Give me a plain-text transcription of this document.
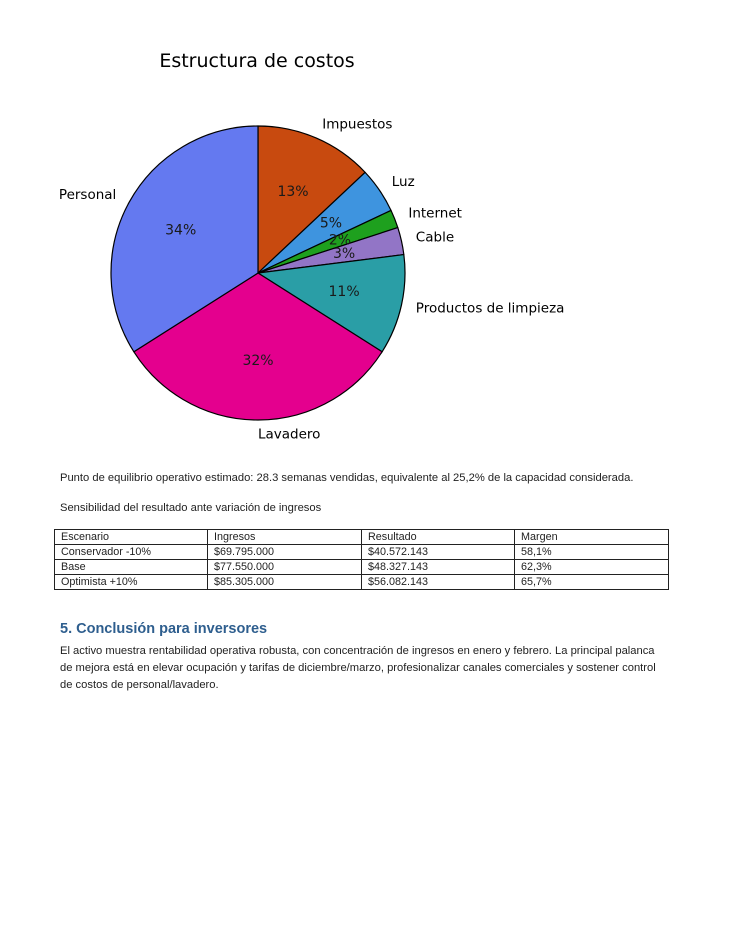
Estructura de costos
13%
5%
2%
3%
11%
32%
34%
Impuestos
Luz
Internet
Cable
Productos de limpieza
Lavadero
Personal

Punto de equilibrio operativo estimado: 28.3 semanas vendidas, equivalente al 25,2% de la capacidad considerada.

Sensibilidad del resultado ante variación de ingresos

Escenario	Ingresos	Resultado	Margen
Conservador -10%	$69.795.000	$40.572.143	58,1%
Base	$77.550.000	$48.327.143	62,3%
Optimista +10%	$85.305.000	$56.082.143	65,7%
5. Conclusión para inversores

El activo muestra rentabilidad operativa robusta, con concentración de ingresos en enero y febrero. La principal palanca de mejora está en elevar ocupación y tarifas de diciembre/marzo, profesionalizar canales comerciales y sostener control de costos de personal/lavadero.
